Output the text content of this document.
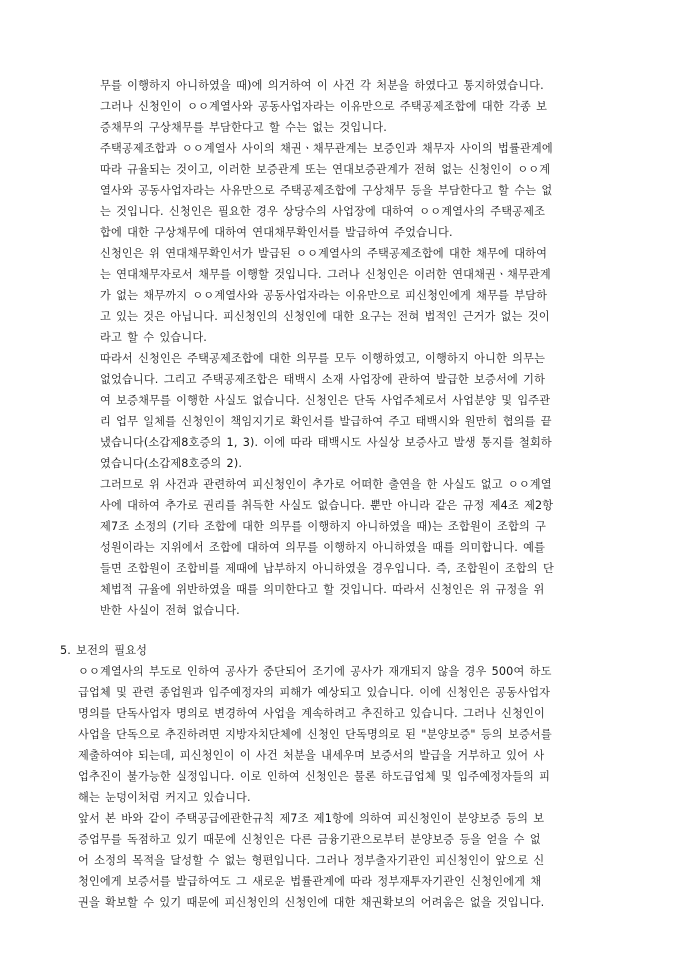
무를 이행하지 아니하였을 때)에 의거하여 이 사건 각 처분을 하였다고 통지하였습니다.
그러나 신청인이 ㅇㅇ계열사와 공동사업자라는 이유만으로 주택공제조합에 대한 각종 보
증채무의 구상채무를 부담한다고 할 수는 없는 것입니다.
주택공제조합과 ㅇㅇ계열사 사이의 채권ㆍ채무관계는 보증인과 채무자 사이의 법률관계에
따라 규율되는 것이고, 이러한 보증관계 또는 연대보증관계가 전혀 없는 신청인이 ㅇㅇ계
열사와 공동사업자라는 사유만으로 주택공제조합에 구상채무 등을 부담한다고 할 수는 없
는 것입니다. 신청인은 필요한 경우 상당수의 사업장에 대하여 ㅇㅇ계열사의 주택공제조
합에 대한 구상채무에 대하여 연대채무확인서를 발급하여 주었습니다.
신청인은 위 연대채무확인서가 발급된 ㅇㅇ계열사의 주택공제조합에 대한 채무에 대하여
는 연대채무자로서 채무를 이행할 것입니다. 그러나 신청인은 이러한 연대채권ㆍ채무관계
가 없는 채무까지 ㅇㅇ계열사와 공동사업자라는 이유만으로 피신청인에게 채무를 부담하
고 있는 것은 아닙니다. 피신청인의 신청인에 대한 요구는 전혀 법적인 근거가 없는 것이
라고 할 수 있습니다.
따라서 신청인은 주택공제조합에 대한 의무를 모두 이행하였고, 이행하지 아니한 의무는
없었습니다. 그리고 주택공제조합은 태백시 소재 사업장에 관하여 발급한 보증서에 기하
여 보증채무를 이행한 사실도 없습니다. 신청인은 단독 사업주체로서 사업분양 및 입주관
리 업무 일체를 신청인이 책임지기로 확인서를 발급하여 주고 태백시와 원만히 협의를 끝
냈습니다(소갑제8호증의 1, 3). 이에 따라 태백시도 사실상 보증사고 발생 통지를 철회하
였습니다(소갑제8호증의 2).
그러므로 위 사건과 관련하여 피신청인이 추가로 어떠한 출연을 한 사실도 없고 ㅇㅇ계열
사에 대하여 추가로 권리를 취득한 사실도 없습니다. 뿐만 아니라 같은 규정 제4조 제2항
제7조 소정의 (기타 조합에 대한 의무를 이행하지 아니하였을 때)는 조합원이 조합의 구
성원이라는 지위에서 조합에 대하여 의무를 이행하지 아니하였을 때를 의미합니다. 예를
들면 조합원이 조합비를 제때에 납부하지 아니하였을 경우입니다. 즉, 조합원이 조합의 단
체법적 규율에 위반하였을 때를 의미한다고 할 것입니다. 따라서 신청인은 위 규정을 위
반한 사실이 전혀 없습니다.
5. 보전의 필요성
ㅇㅇ계열사의 부도로 인하여 공사가 중단되어 조기에 공사가 재개되지 않을 경우 500여 하도
급업체 및 관련 종업원과 입주예정자의 피해가 예상되고 있습니다. 이에 신청인은 공동사업자
명의를 단독사업자 명의로 변경하여 사업을 계속하려고 추진하고 있습니다. 그러나 신청인이
사업을 단독으로 추진하려면 지방자치단체에 신청인 단독명의로 된 "분양보증" 등의 보증서를
제출하여야 되는데, 피신청인이 이 사건 처분을 내세우며 보증서의 발급을 거부하고 있어 사
업추진이 불가능한 실정입니다. 이로 인하여 신청인은 물론 하도급업체 및 입주예정자들의 피
해는 눈덩이처럼 커지고 있습니다.
앞서 본 바와 같이 주택공급에관한규칙 제7조 제1항에 의하여 피신청인이 분양보증 등의 보
증업무를 독점하고 있기 때문에 신청인은 다른 금융기관으로부터 분양보증 등을 얻을 수 없
어 소정의 목적을 달성할 수 없는 형편입니다. 그러나 정부출자기관인 피신청인이 앞으로 신
청인에게 보증서를 발급하여도 그 새로운 법률관계에 따라 정부재투자기관인 신청인에게 채
권을 확보할 수 있기 때문에 피신청인의 신청인에 대한 채권확보의 어려움은 없을 것입니다.
